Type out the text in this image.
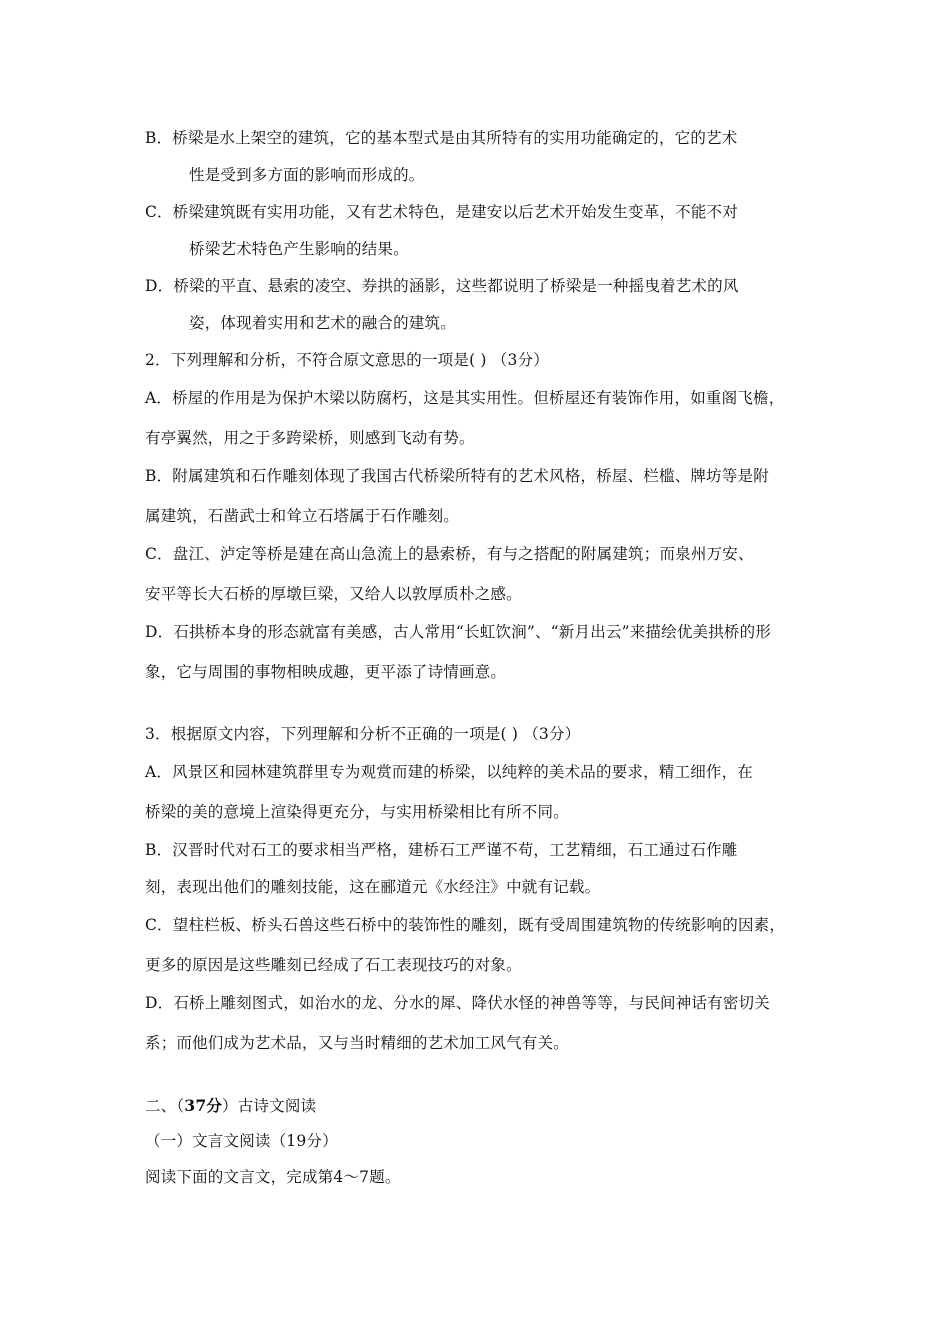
B．桥梁是水上架空的建筑，它的基本型式是由其所特有的实用功能确定的，它的艺术
性是受到多方面的影响而形成的。
C．桥梁建筑既有实用功能，又有艺术特色，是建安以后艺术开始发生变革，不能不对
桥梁艺术特色产生影响的结果。
D．桥梁的平直、悬索的凌空、券拱的涵影，这些都说明了桥梁是一种摇曳着艺术的风
姿，体现着实用和艺术的融合的建筑。
2．下列理解和分析，不符合原文意思的一项是( ) （3分）
A．桥屋的作用是为保护木梁以防腐朽，这是其实用性。但桥屋还有装饰作用，如重阁飞檐，
有亭翼然，用之于多跨梁桥，则感到飞动有势。
B．附属建筑和石作雕刻体现了我国古代桥梁所特有的艺术风格，桥屋、栏槛、牌坊等是附
属建筑，石凿武士和耸立石塔属于石作雕刻。
C．盘江、泸定等桥是建在高山急流上的悬索桥，有与之搭配的附属建筑；而泉州万安、
安平等长大石桥的厚墩巨梁，又给人以敦厚质朴之感。
D．石拱桥本身的形态就富有美感，古人常用“长虹饮涧”、“新月出云”来描绘优美拱桥的形
象，它与周围的事物相映成趣，更平添了诗情画意。
3．根据原文内容，下列理解和分析不正确的一项是( ) （3分）
A．风景区和园林建筑群里专为观赏而建的桥梁，以纯粹的美术品的要求，精工细作，在
桥梁的美的意境上渲染得更充分，与实用桥梁相比有所不同。
B．汉晋时代对石工的要求相当严格，建桥石工严谨不苟，工艺精细，石工通过石作雕
刻，表现出他们的雕刻技能，这在郦道元《水经注》中就有记载。
C．望柱栏板、桥头石兽这些石桥中的装饰性的雕刻，既有受周围建筑物的传统影响的因素，
更多的原因是这些雕刻已经成了石工表现技巧的对象。
D．石桥上雕刻图式，如治水的龙、分水的犀、降伏水怪的神兽等等，与民间神话有密切关
系；而他们成为艺术品，又与当时精细的艺术加工风气有关。
二、（37分）古诗文阅读
（一）文言文阅读（19分）
阅读下面的文言文，完成第4～7题。
